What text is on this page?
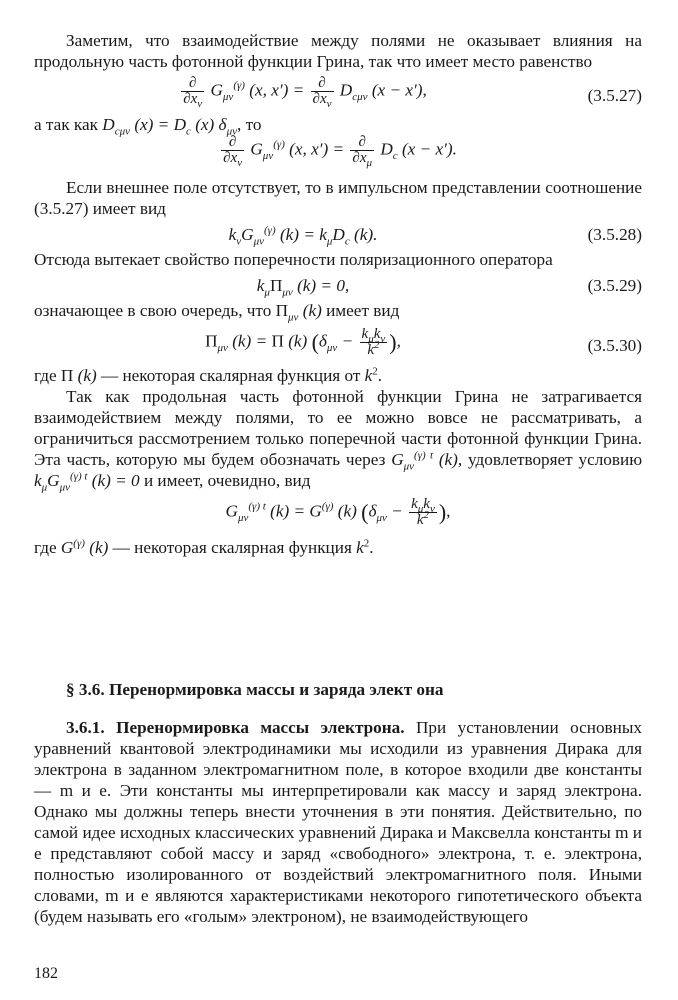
Заметим, что взаимодействие между полями не оказывает влияния на продольную часть фотонной функции Грина, так что имеет место равенство

$\frac{\partial}{\partial x_\nu} G_{\mu\nu}^{(\gamma)}$ (x, $x') = \frac{\partial}{\partial x_\nu} D_{c\mu\nu}$ (x − x′),	(3.5.27)

а так как $D_{c\mu\nu}$ $(x) = D_c$ (x) $\delta_{\mu\nu}$, то

$\frac{\partial}{\partial x_\nu} G_{\mu\nu}^{(\gamma)}$ (x, $x') = \frac{\partial}{\partial x_\mu} D_c$ (x − x′).

Если внешнее поле отсутствует, то в импульсном представлении соотношение (3.5.27) имеет вид

$k_\nu G_{\mu\nu}^{(\gamma)}$ $(k) = k_\mu D_c$ (k).	(3.5.28)

Отсюда вытекает свойство поперечности поляризационного оператора

$k_\mu\Pi_{\mu\nu}$ (k) = 0,	(3.5.29)

означающее в свою очередь, что $\Pi_{\mu\nu}$ (k) имеет вид

$\Pi_{\mu\nu}$ (k) = Π (k) ($\delta_{\mu\nu} - \frac{k_\mu k_\nu}{k^2}$ ),	(3.5.30)

где Π (k) — некоторая скалярная функция от $k^2$.

Так как продольная часть фотонной функции Грина не затрагивается взаимодействием между полями, то ее можно вовсе не рассматривать, а ограничиться рассмотрением только поперечной части фотонной функции Грина. Эта часть, которую мы будем обозначать через $G_{\mu\nu}^{(\gamma) t}$ (k), удовлетворяет условию $k_\mu G_{\mu\nu}^{(\gamma) t}$ (k) = 0 и имеет, очевидно, вид

$G_{\mu\nu}^{(\gamma) t}$ $(k) = G^{(\gamma)}$ (k) ($\delta_{\mu\nu} - \frac{k_\mu k_\nu}{k^2}$ ),

где $G^{(\gamma)}$ (k) — некоторая скалярная функция $k^2$.

§ 3.6. Перенормировка массы и заряда элект она

3.6.1. Перенормировка массы электрона. При установлении основных уравнений квантовой электродинамики мы исходили из уравнения Дирака для электрона в заданном электромагнитном поле, в которое входили две константы — m и e. Эти константы мы интерпретировали как массу и заряд электрона. Однако мы должны теперь внести уточнения в эти понятия. Действительно, по самой идее исходных классических уравнений Дирака и Максвелла константы m и e представляют собой массу и заряд «свободного» электрона, т. е. электрона, полностью изолированного от воздействий электромагнитного поля. Иными словами, m и e являются характеристиками некоторого гипотетического объекта (будем называть его «голым» электроном), не взаимодействующего

182
